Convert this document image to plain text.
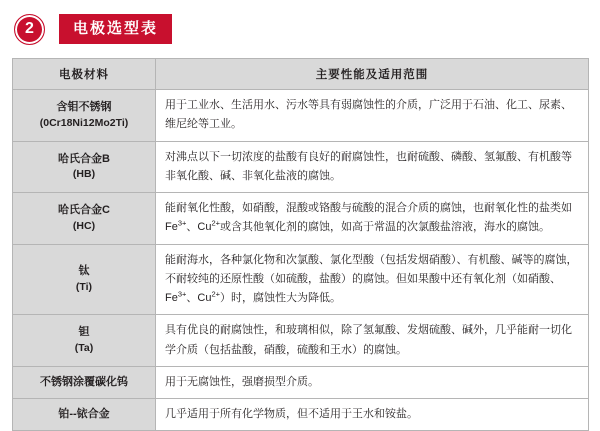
2	电极选型表
电极材料	主要性能及适用范围
含钼不锈钢
(0Cr18Ni12Mo2Ti)	用于工业水、生活用水、污水等具有弱腐蚀性的介质，广泛用于石油、化工、尿素、维尼纶等工业。
哈氏合金B
(HB)	对沸点以下一切浓度的盐酸有良好的耐腐蚀性，也耐硫酸、磷酸、氢氟酸、有机酸等非氧化酸、碱、非氧化盐液的腐蚀。
哈氏合金C
(HC)	能耐氧化性酸，如硝酸，混酸或铬酸与硫酸的混合介质的腐蚀，也耐氧化性的盐类如$Fe^{3+}$、$Cu^{2+}$或含其他氧化剂的腐蚀，如高于常温的次氯酸盐溶液，海水的腐蚀。
钛
(Ti)	能耐海水，各种氯化物和次氯酸、氯化型酸（包括发烟硝酸）、有机酸、碱等的腐蚀，不耐较纯的还原性酸（如硫酸，盐酸）的腐蚀。但如果酸中还有氧化剂（如硝酸、$Fe^{3+}$、$Cu^{2+}$）时，腐蚀性大为降低。
钽
(Ta)	具有优良的耐腐蚀性，和玻璃相似，除了氢氟酸、发烟硫酸、碱外，几乎能耐一切化学介质（包括盐酸，硝酸，硫酸和王水）的腐蚀。
不锈钢涂覆碳化钨	用于无腐蚀性，强磨损型介质。
铂--铱合金	几乎适用于所有化学物质，但不适用于王水和铵盐。
